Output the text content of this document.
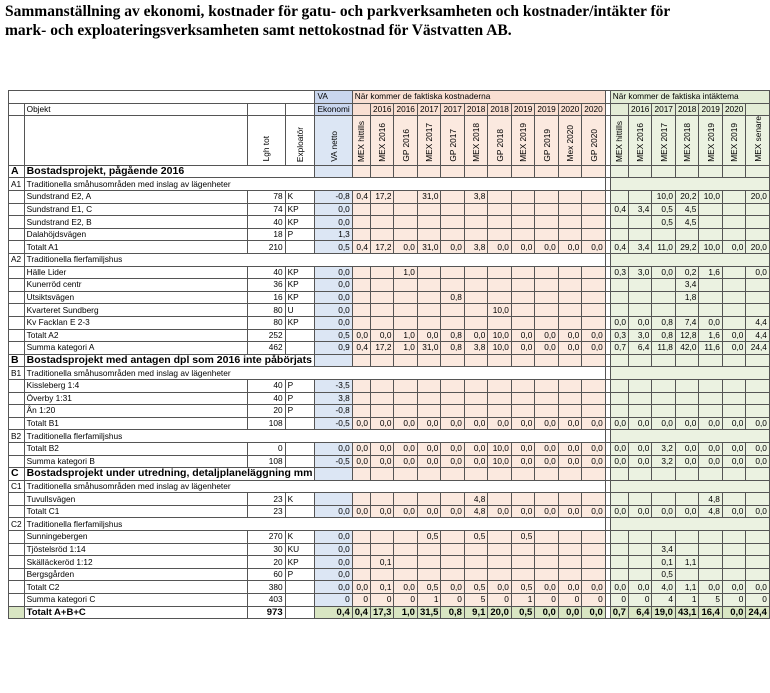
Sammanställning av ekonomi, kostnader för gatu- och parkverksamheten och kostnader/intäkter för mark- och exploateringsverksamheten samt nettokostnad för Västvatten AB.
				VA	När kommer de faktiska kostnaderna												När kommer de faktiska intäktema						
	Objekt			Ekonomi		2016	2016	2017	2017	2018	2018	2019	2019	2020	2020			2016	2017	2018	2019	2020	
		Lgh tot	Exploatör	VA netto	MEX hittills	MEX 2016	GP 2016	MEX 2017	GP 2017	MEX 2018	GP 2018	MEX 2019	GP 2019	Mex 2020	GP 2020		MEX hittills	MEX 2016	MEX 2017	MEX 2018	MEX 2019	MEX 2019	MEX senare
A	Bostadsprojekt, pågående 2016																						
A1	Traditionella småhusområden med inslag av lägenheter																						
	Sundstrand E2, A	78	K	-0,8	0,4	17,2		31,0		3,8									10,0	20,2	10,0		20,0
	Sundstrand E1, C	74	KP	0,0													0,4	3,4	0,5	4,5			
	Sundstrand E2, B	40	KP	0,0															0,5	4,5			
	Dalahöjdsvägen	18	P	1,3																			
	Totalt A1	210		0,5	0,4	17,2	0,0	31,0	0,0	3,8	0,0	0,0	0,0	0,0	0,0		0,4	3,4	11,0	29,2	10,0	0,0	20,0
A2	Traditionella flerfamiljshus																						
	Hälle Lider	40	KP	0,0			1,0										0,3	3,0	0,0	0,2	1,6		0,0
	Kunerröd centr	36	KP	0,0																3,4			
	Utsiktsvägen	16	KP	0,0					0,8											1,8			
	Kvarteret Sundberg	80	U	0,0							10,0												
	Kv Facklan E 2-3	80	KP	0,0													0,0	0,0	0,8	7,4	0,0		4,4
	Totalt A2	252		0,5	0,0	0,0	1,0	0,0	0,8	0,0	10,0	0,0	0,0	0,0	0,0		0,3	3,0	0,8	12,8	1,6	0,0	4,4
	Summa kategori A	462		0,9	0,4	17,2	1,0	31,0	0,8	3,8	10,0	0,0	0,0	0,0	0,0		0,7	6,4	11,8	42,0	11,6	0,0	24,4
B	Bostadsprojekt med antagen dpl som 2016 inte påbörjats																						
B1	Traditionella småhusområden med inslag av lägenheter																						
	Kissleberg 1:4	40	P	-3,5																			
	Överby 1:31	40	P	3,8																			
	Ån 1:20	20	P	-0,8																			
	Totalt B1	108		-0,5	0,0	0,0	0,0	0,0	0,0	0,0	0,0	0,0	0,0	0,0	0,0		0,0	0,0	0,0	0,0	0,0	0,0	0,0
B2	Traditionella flerfamiljshus																						
	Totalt B2	0		0,0	0,0	0,0	0,0	0,0	0,0	0,0	10,0	0,0	0,0	0,0	0,0		0,0	0,0	3,2	0,0	0,0	0,0	0,0
	Summa kategori B	108		-0,5	0,0	0,0	0,0	0,0	0,0	0,0	10,0	0,0	0,0	0,0	0,0		0,0	0,0	3,2	0,0	0,0	0,0	0,0
C	Bostadsprojekt under utredning, detaljplaneläggning mm																						
C1	Traditionella småhusområden med inslag av lägenheter																						
	Tuvullsvägen	23	K							4,8											4,8		
	Totalt C1	23		0,0	0,0	0,0	0,0	0,0	0,0	4,8	0,0	0,0	0,0	0,0	0,0		0,0	0,0	0,0	0,0	4,8	0,0	0,0
C2	Traditionella flerfamiljshus																						
	Sunningebergen	270	K	0,0				0,5		0,5		0,5											
	Tjöstelsröd 1:14	30	KU	0,0															3,4				
	Skälläckeröd 1:12	20	KP	0,0		0,1													0,1	1,1			
	Bergsgården	60	P	0,0															0,5				
	Totalt C2	380		0,0	0,0	0,1	0,0	0,5	0,0	0,5	0,0	0,5	0,0	0,0	0,0		0,0	0,0	4,0	1,1	0,0	0,0	0,0
	Summa kategori C	403		0	0	0	0	1	0	5	0	1	0	0	0		0	0	4	1	5	0	0
	Totalt A+B+C	973		0,4	0,4	17,3	1,0	31,5	0,8	9,1	20,0	0,5	0,0	0,0	0,0		0,7	6,4	19,0	43,1	16,4	0,0	24,4
